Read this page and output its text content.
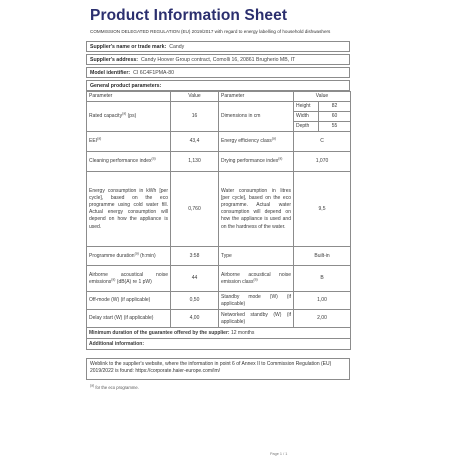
Product Information Sheet
COMMISSION DELEGATED REGULATION (EU) 2019/2017 with regard to energy labelling of household dishwashers
Supplier's name or trade mark: Candy
Supplier's address: Candy Hoover Group contract, Comolli 16, 20861 Brugherio MB, IT
Model identifier: CI 6C4F1PMA-80
General product parameters:
Parameter	Value	Parameter	Value	
Rated capacity$^{(a)}$ (ps)	16	Dimensions in cm	Height	82
			Width	60
			Depth	55
EEI$^{(a)}$	43,4	Energy efficiency class$^{(a)}$	C	
Cleaning performance index$^{(a)}$	1,130	Drying performance index$^{(a)}$	1,070	
Energy consumption in kWh [per cycle], based on the eco programme using cold water fill. Actual energy consumption will depend on how the appliance is used.	0,760	Water consumption in litres [per cycle], based on the eco programme. Actual water consumption will depend on how the appliance is used and on the hardness of the water.	9,5	
Programme duration$^{(a)}$ (h:min)	3:58	Type	Built-in	
Airborne acoustical noise emissions$^{(a)}$ (dB(A) re 1 pW)	44	Airborne acoustical noise emission class$^{(a)}$	B	
Off-mode (W) (if applicable)	0,50	Standby mode (W) (if applicable)	1,00	
Delay start (W) (if applicable)	4,00	Networked standby (W) (if applicable)	2,00	
Minimum duration of the guarantee offered by the supplier: 12 months				
Additional information:				
Weblink to the supplier's website, where the information in point 6 of Annex II to Commission Regulation (EU) 2019/2022 is found: https://corporate.haier-europe.com/im/
$^{(a)}$ for the eco programme.
Page 1 / 1
